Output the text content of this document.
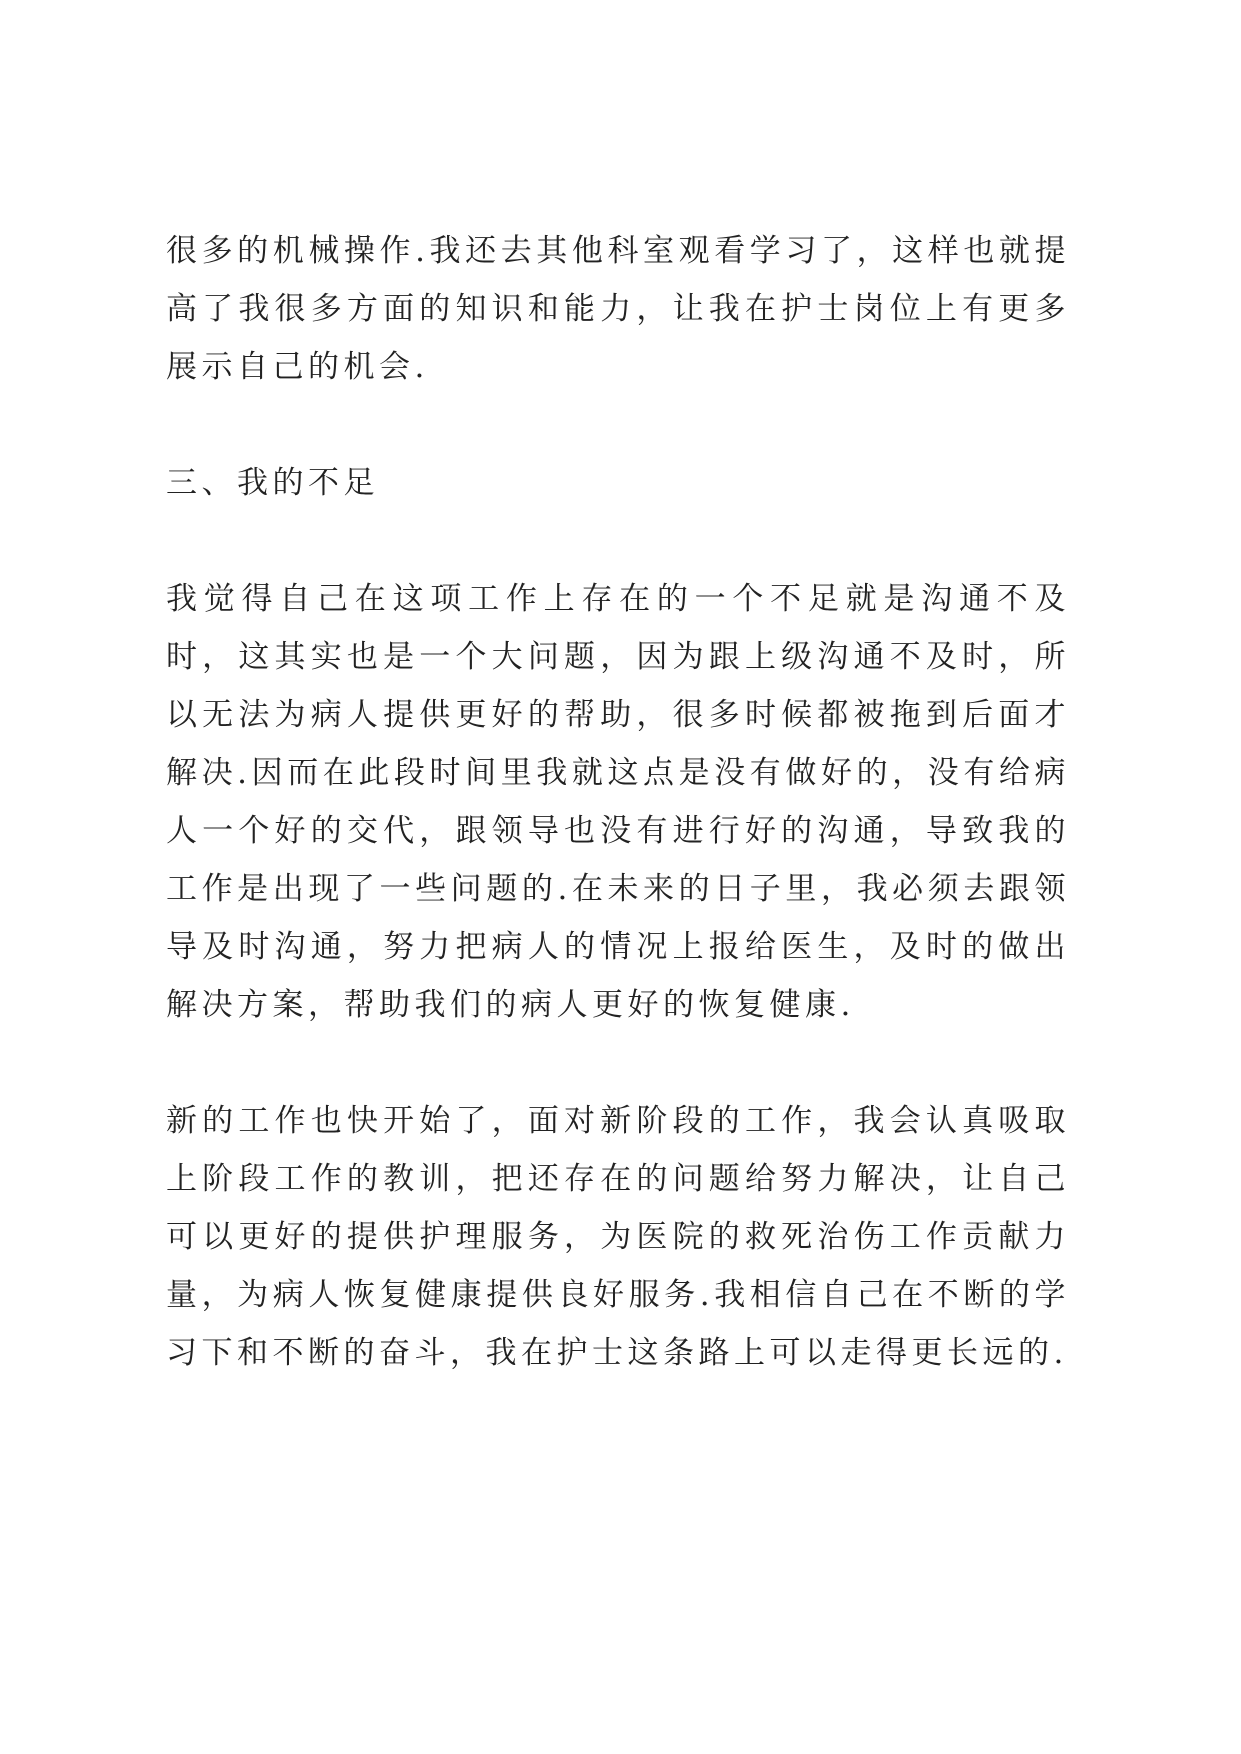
很多的机械操作.我还去其他科室观看学习了，这样也就提高了我很多方面的知识和能力，让我在护士岗位上有更多展示自己的机会.

三、我的不足

我觉得自己在这项工作上存在的一个不足就是沟通不及时，这其实也是一个大问题，因为跟上级沟通不及时，所以无法为病人提供更好的帮助，很多时候都被拖到后面才解决.因而在此段时间里我就这点是没有做好的，没有给病人一个好的交代，跟领导也没有进行好的沟通，导致我的工作是出现了一些问题的.在未来的日子里，我必须去跟领导及时沟通，努力把病人的情况上报给医生，及时的做出解决方案，帮助我们的病人更好的恢复健康.

新的工作也快开始了，面对新阶段的工作，我会认真吸取上阶段工作的教训，把还存在的问题给努力解决，让自己可以更好的提供护理服务，为医院的救死治伤工作贡献力量，为病人恢复健康提供良好服务.我相信自己在不断的学习下和不断的奋斗，我在护士这条路上可以走得更长远的.
